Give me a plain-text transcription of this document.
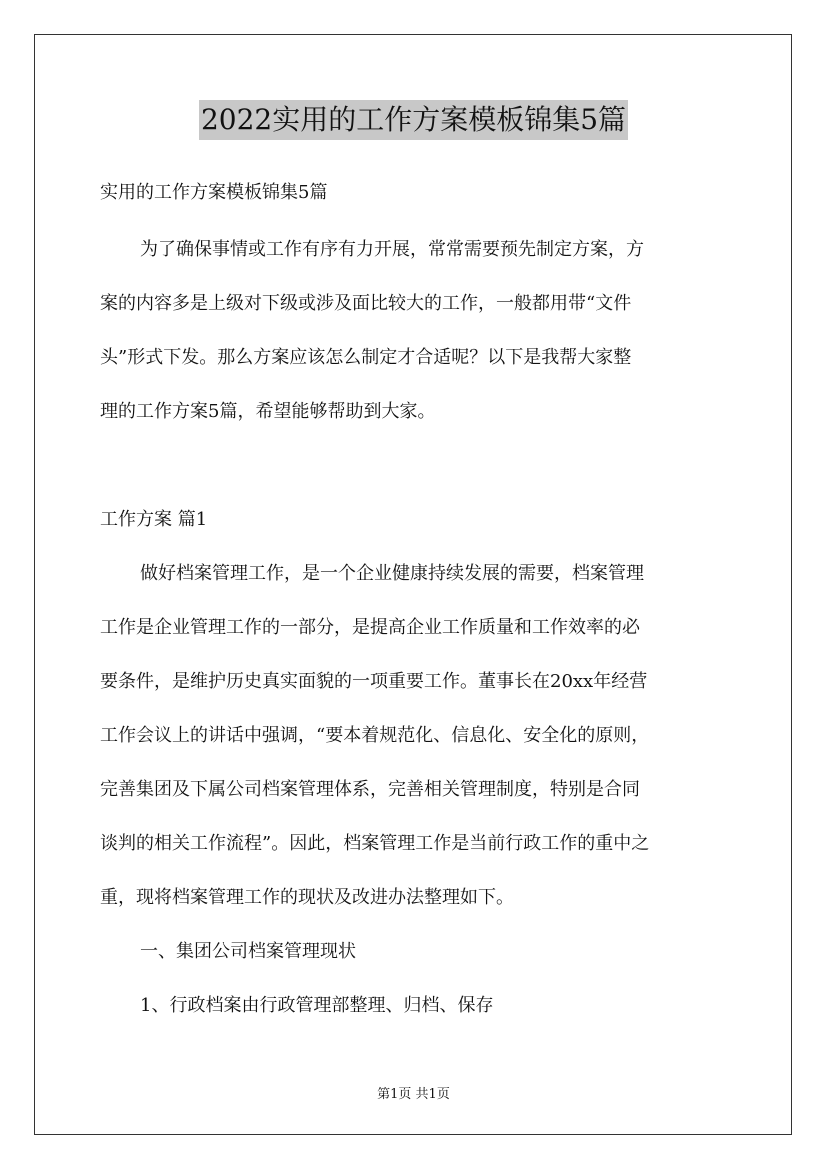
2022实用的工作方案模板锦集5篇
实用的工作方案模板锦集5篇
为了确保事情或工作有序有力开展，常常需要预先制定方案，方
案的内容多是上级对下级或涉及面比较大的工作，一般都用带“文件
头”形式下发。那么方案应该怎么制定才合适呢？以下是我帮大家整
理的工作方案5篇，希望能够帮助到大家。
工作方案 篇1
做好档案管理工作，是一个企业健康持续发展的需要，档案管理
工作是企业管理工作的一部分，是提高企业工作质量和工作效率的必
要条件，是维护历史真实面貌的一项重要工作。董事长在20xx年经营
工作会议上的讲话中强调，“要本着规范化、信息化、安全化的原则，
完善集团及下属公司档案管理体系，完善相关管理制度，特别是合同
谈判的相关工作流程”。因此，档案管理工作是当前行政工作的重中之
重，现将档案管理工作的现状及改进办法整理如下。
一、集团公司档案管理现状
1、行政档案由行政管理部整理、归档、保存
第1页 共1页
